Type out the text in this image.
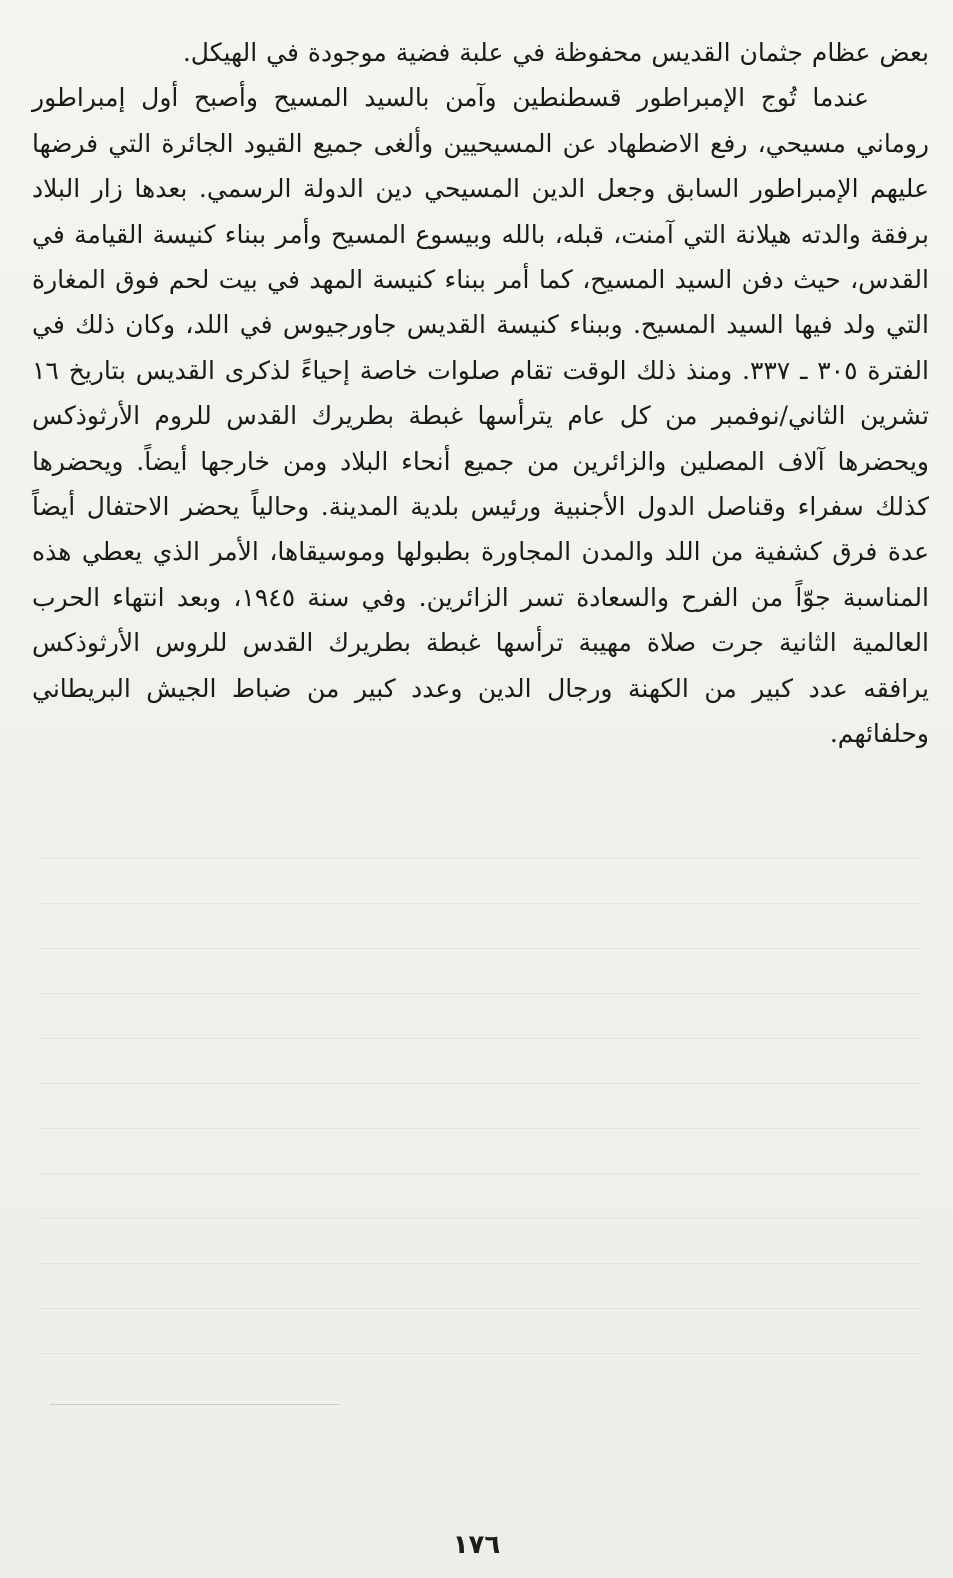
بعض عظام جثمان القديس محفوظة في علبة فضية موجودة في الهيكل.

عندما تُوج الإمبراطور قسطنطين وآمن بالسيد المسيح وأصبح أول إمبراطور روماني مسيحي، رفع الاضطهاد عن المسيحيين وألغى جميع القيود الجائرة التي فرضها عليهم الإمبراطور السابق وجعل الدين المسيحي دين الدولة الرسمي. بعدها زار البلاد برفقة والدته هيلانة التي آمنت، قبله، بالله وبيسوع المسيح وأمر ببناء كنيسة القيامة في القدس، حيث دفن السيد المسيح، كما أمر ببناء كنيسة المهد في بيت لحم فوق المغارة التي ولد فيها السيد المسيح. وببناء كنيسة القديس جاورجيوس في اللد، وكان ذلك في الفترة ٣٠٥ ـ ٣٣٧. ومنذ ذلك الوقت تقام صلوات خاصة إحياءً لذكرى القديس بتاريخ ١٦ تشرين الثاني/نوفمبر من كل عام يترأسها غبطة بطريرك القدس للروم الأرثوذكس ويحضرها آلاف المصلين والزائرين من جميع أنحاء البلاد ومن خارجها أيضاً. ويحضرها كذلك سفراء وقناصل الدول الأجنبية ورئيس بلدية المدينة. وحالياً يحضر الاحتفال أيضاً عدة فرق كشفية من اللد والمدن المجاورة بطبولها وموسيقاها، الأمر الذي يعطي هذه المناسبة جوّاً من الفرح والسعادة تسر الزائرين. وفي سنة ١٩٤٥، وبعد انتهاء الحرب العالمية الثانية جرت صلاة مهيبة ترأسها غبطة بطريرك القدس للروس الأرثوذكس يرافقه عدد كبير من الكهنة ورجال الدين وعدد كبير من ضباط الجيش البريطاني وحلفائهم.

١٧٦
